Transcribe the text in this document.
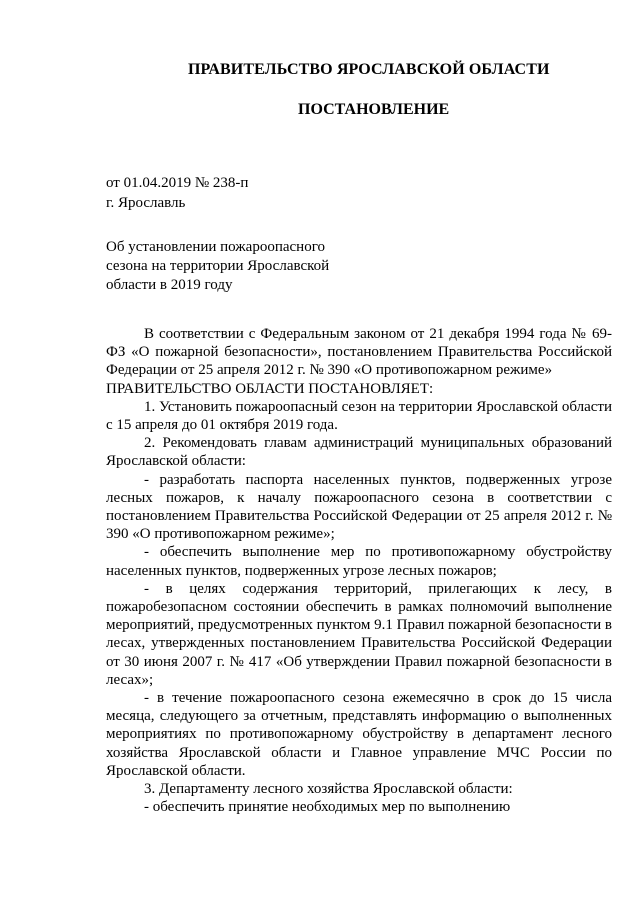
ПРАВИТЕЛЬСТВО ЯРОСЛАВСКОЙ ОБЛАСТИ
ПОСТАНОВЛЕНИЕ
от 01.04.2019 № 238-п
г. Ярославль
Об установлении пожароопасного
сезона на территории Ярославской
области в 2019 году

В соответствии с Федеральным законом от 21 декабря 1994 года № 69-ФЗ «О пожарной безопасности», постановлением Правительства Российской Федерации от 25 апреля 2012 г. № 390 «О противопожарном режиме»

ПРАВИТЕЛЬСТВО ОБЛАСТИ ПОСТАНОВЛЯЕТ:

1. Установить пожароопасный сезон на территории Ярославской области с 15 апреля до 01 октября 2019 года.

2. Рекомендовать главам администраций муниципальных образований Ярославской области:

- разработать паспорта населенных пунктов, подверженных угрозе лесных пожаров, к началу пожароопасного сезона в соответствии с постановлением Правительства Российской Федерации от 25 апреля 2012 г. № 390 «О противопожарном режиме»;

- обеспечить выполнение мер по противопожарному обустройству населенных пунктов, подверженных угрозе лесных пожаров;

- в целях содержания территорий, прилегающих к лесу, в пожаробезопасном состоянии обеспечить в рамках полномочий выполнение мероприятий, предусмотренных пунктом 9.1 Правил пожарной безопасности в лесах, утвержденных постановлением Правительства Российской Федерации от 30 июня 2007 г. № 417 «Об утверждении Правил пожарной безопасности в лесах»;

- в течение пожароопасного сезона ежемесячно в срок до 15 числа месяца, следующего за отчетным, представлять информацию о выполненных мероприятиях по противопожарному обустройству в департамент лесного хозяйства Ярославской области и Главное управление МЧС России по Ярославской области.

3. Департаменту лесного хозяйства Ярославской области:

- обеспечить принятие необходимых мер по выполнению
